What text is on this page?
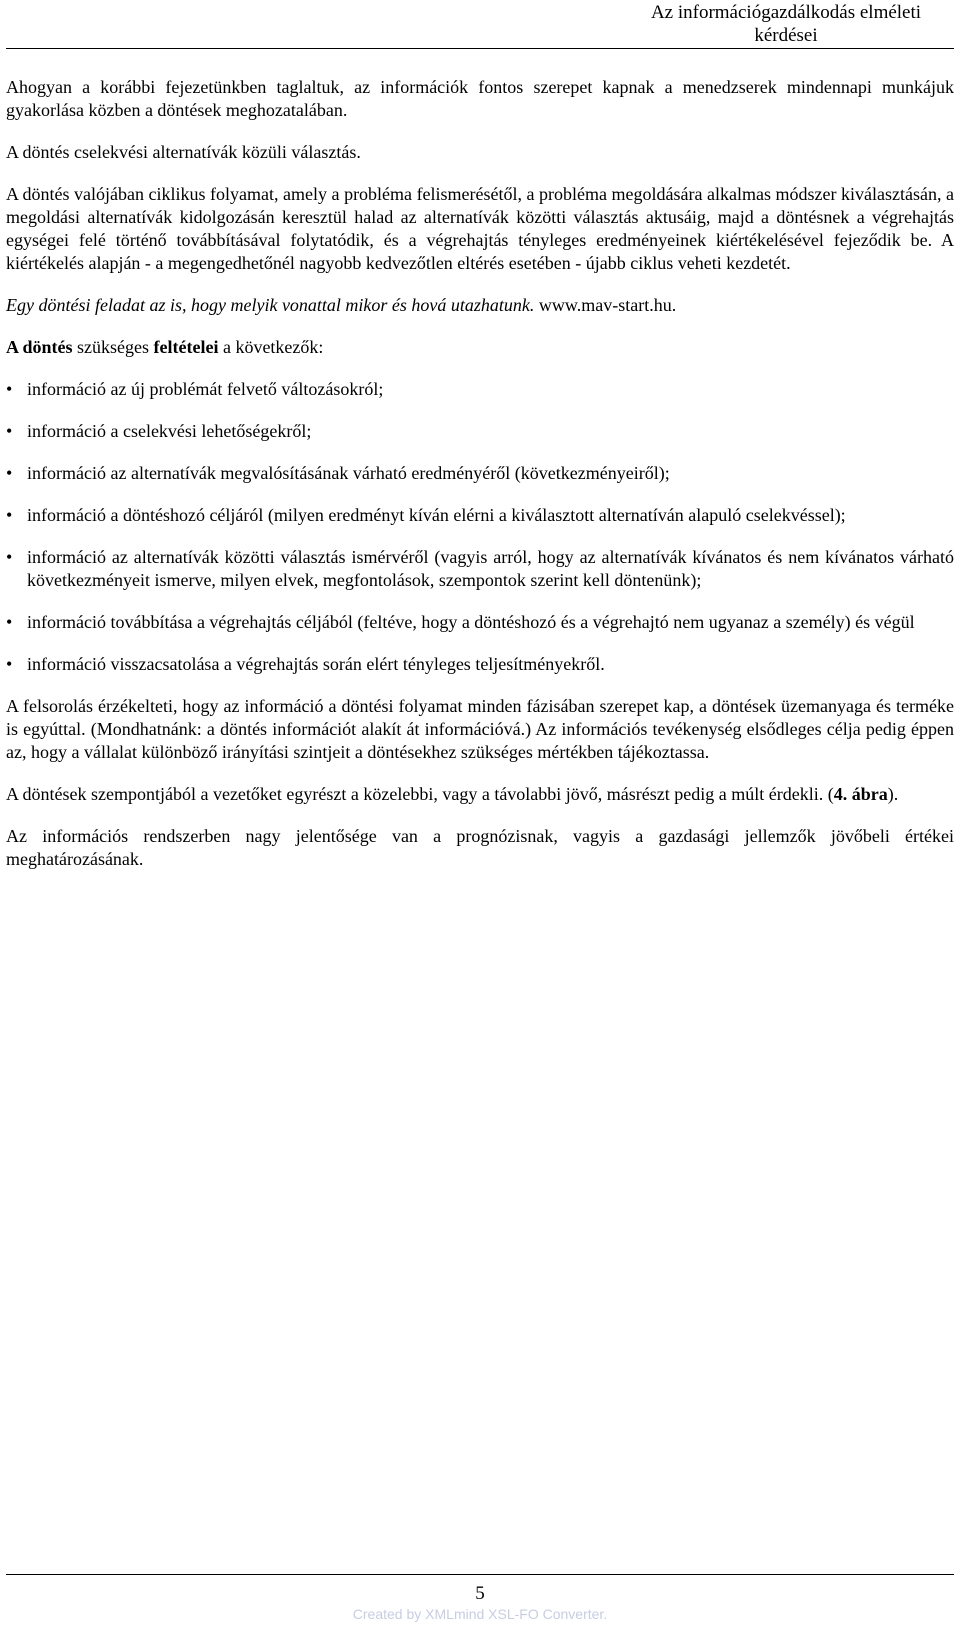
Az információgazdálkodás elméleti kérdései

Ahogyan a korábbi fejezetünkben taglaltuk, az információk fontos szerepet kapnak a menedzserek mindennapi munkájuk gyakorlása közben a döntések meghozatalában.

A döntés cselekvési alternatívák közüli választás.

A döntés valójában ciklikus folyamat, amely a probléma felismerésétől, a probléma megoldására alkalmas módszer kiválasztásán, a megoldási alternatívák kidolgozásán keresztül halad az alternatívák közötti választás aktusáig, majd a döntésnek a végrehajtás egységei felé történő továbbításával folytatódik, és a végrehajtás tényleges eredményeinek kiértékelésével fejeződik be. A kiértékelés alapján - a megengedhetőnél nagyobb kedvezőtlen eltérés esetében - újabb ciklus veheti kezdetét.

Egy döntési feladat az is, hogy melyik vonattal mikor és hová utazhatunk. www.mav-start.hu.

A döntés szükséges feltételei a következők:

• információ az új problémát felvető változásokról;
• információ a cselekvési lehetőségekről;
• információ az alternatívák megvalósításának várható eredményéről (következményeiről);
• információ a döntéshozó céljáról (milyen eredményt kíván elérni a kiválasztott alternatíván alapuló cselekvéssel);
• információ az alternatívák közötti választás ismérvéről (vagyis arról, hogy az alternatívák kívánatos és nem kívánatos várható következményeit ismerve, milyen elvek, megfontolások, szempontok szerint kell döntenünk);
• információ továbbítása a végrehajtás céljából (feltéve, hogy a döntéshozó és a végrehajtó nem ugyanaz a személy) és végül
• információ visszacsatolása a végrehajtás során elért tényleges teljesítményekről.

A felsorolás érzékelteti, hogy az információ a döntési folyamat minden fázisában szerepet kap, a döntések üzemanyaga és terméke is egyúttal. (Mondhatnánk: a döntés információt alakít át információvá.) Az információs tevékenység elsődleges célja pedig éppen az, hogy a vállalat különböző irányítási szintjeit a döntésekhez szükséges mértékben tájékoztassa.

A döntések szempontjából a vezetőket egyrészt a közelebbi, vagy a távolabbi jövő, másrészt pedig a múlt érdekli. (4. ábra).

Az információs rendszerben nagy jelentősége van a prognózisnak, vagyis a gazdasági jellemzők jövőbeli értékei meghatározásának.

5
Created by XMLmind XSL-FO Converter.
